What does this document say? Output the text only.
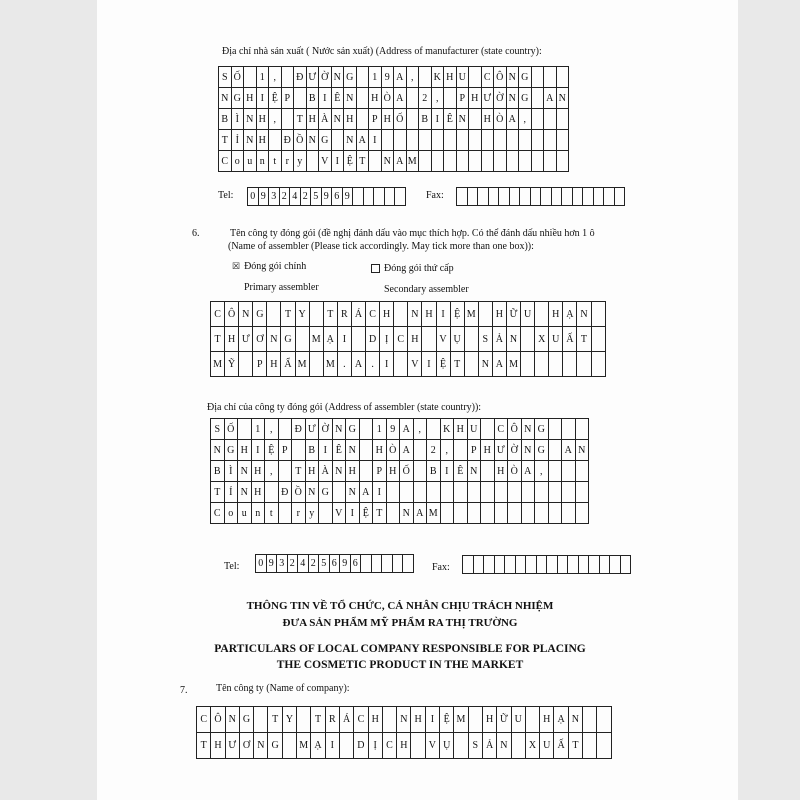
Địa chỉ nhà sản xuất ( Nước sản xuất) (Address of manufacturer (state country):
S Ố	1 ,	Đ Ư Ờ N G	1 9 A ,	K H U	C Ô N G
N G H I Ệ P	B I Ê N	H Ò A	2 ,	P H Ư Ờ N G	A N
B Ì N H ,	T H À N H	P H Ố	B I Ê N	H Ò A ,
T Ỉ N H	Đ Ồ N G	N A I
C o u n t r y	V I Ệ T	N A M
Tel: 0 9 3 2 4 2 5 9 6 9	Fax:
6.	Tên công ty đóng gói (đề nghị đánh dấu vào mục thích hợp. Có thể đánh dấu nhiều hơn 1 ô
(Name of assembler (Please tick accordingly. May tick more than one box)):
☒ Đóng gói chính	Đóng gói thứ cấp
Primary assembler	Secondary assembler
C Ô N G	T Y	T R Á C H	N H I Ệ M	H Ữ U	H Ạ N
T H Ư Ơ N G	M Ạ I	D Ị C H	V Ụ	S Ả N	X U Ấ T
M Ỹ	P H Ẩ M	M . A .	I	V I Ệ T	N A M
Địa chỉ của công ty đóng gói (Address of assembler (state country)):
S Ố	1 ,	Đ Ư Ờ N G	1 9 A ,	K H U	C Ô N G
N G H I Ệ P	B I Ê N	H Ò A	2 ,	P H Ư Ờ N G	A N
B Ì N H ,	T H À N H	P H Ố	B I Ê N	H Ò A ,
T Ỉ N H	Đ Ồ N G	N A I
C o u n t	r y	V I Ệ T	N A M
Tel: 0 9 3 2 4 2 5 6 9 6	Fax:
THÔNG TIN VỀ TỔ CHỨC, CÁ NHÂN CHỊU TRÁCH NHIỆM
ĐƯA SẢN PHẨM MỸ PHẨM RA THỊ TRƯỜNG
PARTICULARS OF LOCAL COMPANY RESPONSIBLE FOR PLACING
THE COSMETIC PRODUCT IN THE MARKET
7.	Tên công ty (Name of company):
C Ô N G	T Y	T R Á C H	N H I Ệ M	H Ữ U	H Ạ N
T H Ư Ơ N G	M Ạ I	D Ị C H	V Ụ	S Ả N	X U Ấ T
